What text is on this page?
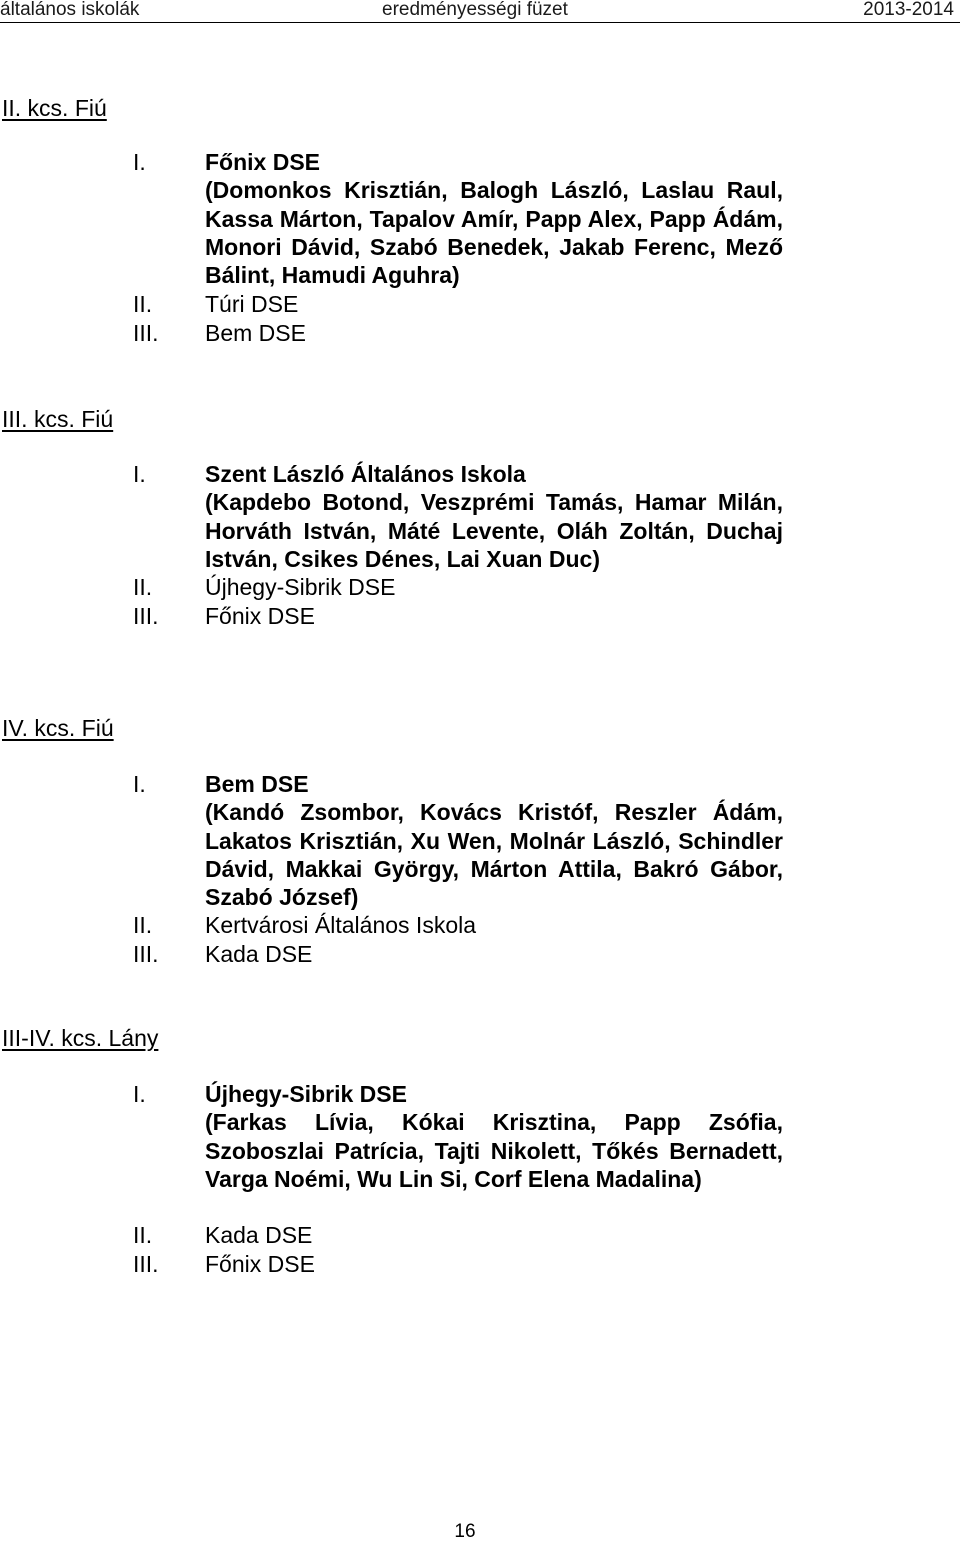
általános iskolák	eredményességi füzet	2013-2014
II. kcs. Fiú
I.	Főnix DSE
(Domonkos Krisztián, Balogh László, Laslau Raul, Kassa Márton, Tapalov Amír, Papp Alex, Papp Ádám, Monori Dávid, Szabó Benedek, Jakab Ferenc, Mező Bálint, Hamudi Aguhra)
II. Túri DSE
III. Bem DSE
III. kcs. Fiú
I.	Szent László Általános Iskola
(Kapdebo Botond, Veszprémi Tamás, Hamar Milán, Horváth István, Máté Levente, Oláh Zoltán, Duchaj István, Csikes Dénes, Lai Xuan Duc)
II. Újhegy-Sibrik DSE
III. Főnix DSE
IV. kcs. Fiú
I.	Bem DSE
(Kandó Zsombor, Kovács Kristóf, Reszler Ádám, Lakatos Krisztián, Xu Wen, Molnár László, Schindler Dávid, Makkai György, Márton Attila, Bakró Gábor, Szabó József)
II. Kertvárosi Általános Iskola
III. Kada DSE
III-IV. kcs. Lány
I.	Újhegy-Sibrik DSE
(Farkas Lívia, Kókai Krisztina, Papp Zsófia, Szoboszlai Patrícia, Tajti Nikolett, Tőkés Bernadett, Varga Noémi, Wu Lin Si, Corf Elena Madalina)
II. Kada DSE
III. Főnix DSE
16
